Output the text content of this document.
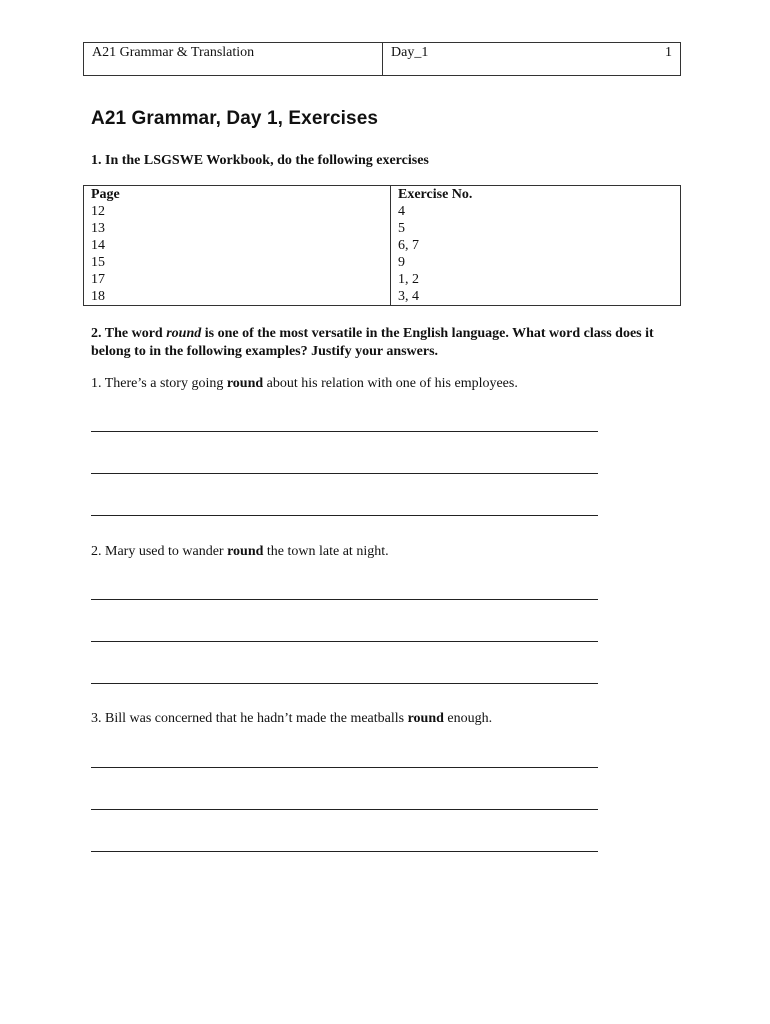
A21 Grammar & Translation	Day_1	1
A21 Grammar, Day 1, Exercises

1. In the LSGSWE Workbook, do the following exercises

Page	Exercise No.
12	4
13	5
14	6, 7
15	9
17	1, 2
18	3, 4

2. The word round is one of the most versatile in the English language. What word class does it belong to in the following examples? Justify your answers.

1. There’s a story going round about his relation with one of his employees.

2. Mary used to wander round the town late at night.

3. Bill was concerned that he hadn’t made the meatballs round enough.
